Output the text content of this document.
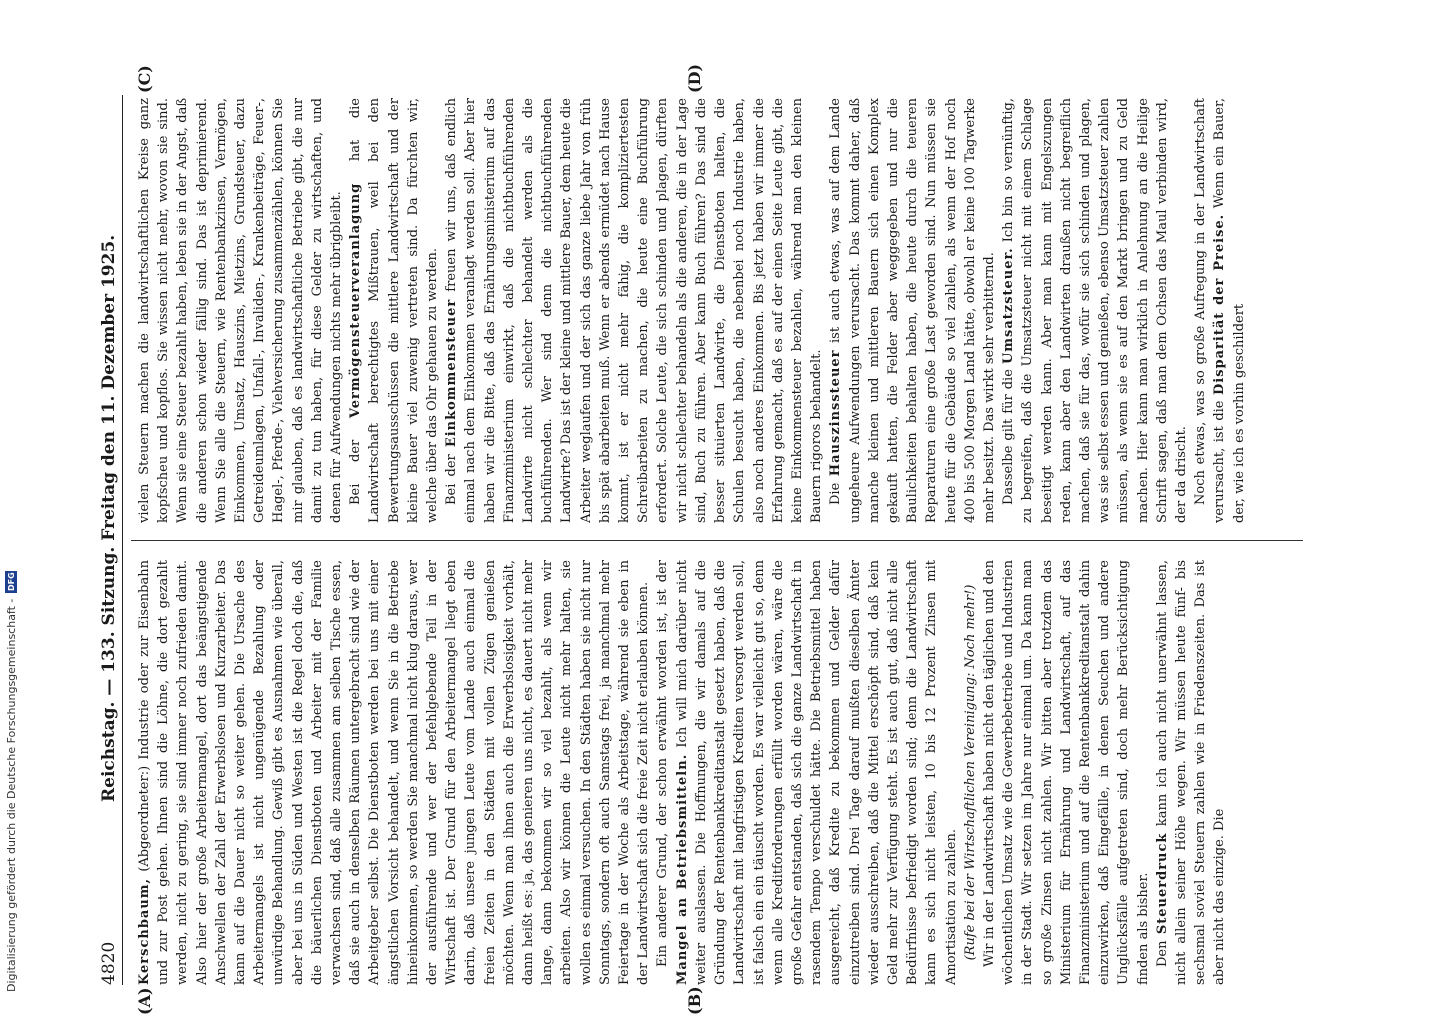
Digitalisierung gefördert durch die Deutsche Forschungsgemeinschaft -
DFG
4820
Reichstag. — 133. Sitzung. Freitag den 11. Dezember 1925.
(A)	(B)
(C)	(D)

Kerschbaum, (Abgeordneter:) Industrie oder zur Eisenbahn und zur Post gehen. Ihnen sind die Löhne, die dort gezahlt werden, nicht zu gering, sie sind immer noch zufrieden damit. Also hier der große Arbeitermangel, dort das beängstigende Anschwellen der Zahl der Erwerbslosen und Kurzarbeiter. Das kann auf die Dauer nicht so weiter gehen. Die Ursache des Arbeitermangels ist nicht ungenügende Bezahlung oder unwürdige Behandlung. Gewiß gibt es Ausnahmen wie überall, aber bei uns in Süden und Westen ist die Regel doch die, daß die bäuerlichen Dienstboten und Arbeiter mit der Familie verwachsen sind, daß alle zusammen am selben Tische essen, daß sie auch in denselben Räumen untergebracht sind wie der Arbeitgeber selbst. Die Dienstboten werden bei uns mit einer ängstlichen Vorsicht behandelt, und wenn Sie in die Betriebe hineinkommen, so werden Sie manchmal nicht klug daraus, wer der ausführende und wer der befehlgebende Teil in der Wirtschaft ist. Der Grund für den Arbeitermangel liegt eben darin, daß unsere jungen Leute vom Lande auch einmal die freien Zeiten in den Städten mit vollen Zügen genießen möchten. Wenn man ihnen auch die Erwerbslosigkeit vorhält, dann heißt es: ja, das genieren uns nicht, es dauert nicht mehr lange, dann bekommen wir so viel bezahlt, als wenn wir arbeiten. Also wir können die Leute nicht mehr halten, sie wollen es einmal versuchen. In den Städten haben sie nicht nur Sonntags, sondern oft auch Samstags frei, ja manchmal mehr Feiertage in der Woche als Arbeitstage, während sie eben in der Landwirtschaft sich die freie Zeit nicht erlauben können. Ein anderer Grund, der schon erwähnt worden ist, ist der Mangel an Betriebsmitteln. Ich will mich darüber nicht weiter auslassen. Die Hoffnungen, die wir damals auf die Gründung der Rentenbankkreditanstalt gesetzt haben, daß die Landwirtschaft mit langfristigen Krediten versorgt werden soll, ist falsch ein ein täuscht worden. Es war vielleicht gut so, denn wenn alle Kreditforderungen erfüllt worden wären, wäre die große Gefahr entstanden, daß sich die ganze Landwirtschaft in rasendem Tempo verschuldet hätte. Die Betriebsmittel haben ausgereicht, daß Kredite zu bekommen und Gelder dafür einzutreiben sind. Drei Tage darauf mußten dieselben Ämter wieder ausschreiben, daß die Mittel erschöpft sind, daß kein Geld mehr zur Verfügung steht. Es ist auch gut, daß nicht alle Bedürfnisse befriedigt worden sind; denn die Landwirtschaft kann es sich nicht leisten, 10 bis 12 Prozent Zinsen mit Amortisation zu zahlen. (Rufe bei der Wirtschaftlichen Vereinigung: Noch mehr!) Wir in der Landwirtschaft haben nicht den täglichen und den wöchentlichen Umsatz wie die Gewerbebetriebe und Industrien in der Stadt. Wir setzen im Jahre nur einmal um. Da kann man so große Zinsen nicht zahlen. Wir bitten aber trotzdem das Ministerium für Ernährung und Landwirtschaft, auf das Finanzministerium und auf die Rentenbankkreditanstalt dahin einzuwirken, daß Eingefälle, in denen Seuchen und andere Unglücksfälle aufgetreten sind, doch mehr Berücksichtigung finden als bisher. Den Steuerdruck kann ich auch nicht unerwähnt lassen, nicht allein seiner Höhe wegen. Wir müssen heute fünf- bis sechsmal soviel Steuern zahlen wie in Friedenszeiten. Das ist aber nicht das einzige. Die

vielen Steuern machen die landwirtschaftlichen Kreise ganz kopfscheu und kopflos. Sie wissen nicht mehr, wovon sie sind. Wenn sie eine Steuer bezahlt haben, leben sie in der Angst, daß die anderen schon wieder fällig sind. Das ist deprimierend. Wenn Sie alle die Steuern, wie Rentenbankzinsen, Vermögen, Einkommen, Umsatz, Hauszins, Mietzins, Grundsteuer, dazu Getreideumlagen, Unfall-, Invaliden-, Krankenbeiträge, Feuer-, Hagel-, Pferde-, Viehversicherung zusammenzählen, können Sie mir glauben, daß es landwirtschaftliche Betriebe gibt, die nur damit zu tun haben, für diese Gelder zu wirtschaften, und denen für Aufwendungen nichts mehr übrigbleibt. Bei der Vermögensteuerveranlagung hat die Landwirtschaft berechtigtes Mißtrauen, weil bei den Bewertungsausschüssen die mittlere Landwirtschaft und der kleine Bauer viel zuwenig vertreten sind. Da fürchten wir, welche über das Ohr gehauen zu werden. Bei der Einkommensteuer freuen wir uns, daß endlich einmal nach dem Einkommen veranlagt werden soll. Aber hier haben wir die Bitte, daß das Ernährungsministerium auf das Finanzministerium einwirkt, daß die nichtbuchführenden Landwirte nicht schlechter behandelt werden als die buchführenden. Wer sind denn die nichtbuchführenden Landwirte? Das ist der kleine und mittlere Bauer, dem heute die Arbeiter weglaufen und der sich das ganze liebe Jahr von früh bis spät abarbeiten muß. Wenn er abends ermüdet nach Hause kommt, ist er nicht mehr fähig, die kompliziertesten Schreibarbeiten zu machen, die heute eine Buchführung erfordert. Solche Leute, die sich schinden und plagen, dürften wir nicht schlechter behandeln als die anderen, die in der Lage sind, Buch zu führen. Aber kann Buch führen? Das sind die besser situierten Landwirte, die Dienstboten halten, die Schulen besucht haben, die nebenbei noch Industrie haben, also noch anderes Einkommen. Bis jetzt haben wir immer die Erfahrung gemacht, daß es auf der einen Seite Leute gibt, die keine Einkommensteuer bezahlen, während man den kleinen Bauern rigoros behandelt. Die Hauszinssteuer ist auch etwas, was auf dem Lande ungeheure Aufwendungen verursacht. Das kommt daher, daß manche kleinen und mittleren Bauern sich einen Komplex gekauft hatten, die Felder aber weggegeben und nur die Baulichkeiten behalten haben, die heute durch die teueren Reparaturen eine große Last geworden sind. Nun müssen sie heute für die Gebäude so viel zahlen, als wenn der Hof noch 400 bis 500 Morgen Land hätte, obwohl er keine 100 Tagwerke mehr besitzt. Das wirkt sehr verbitternd. Dasselbe gilt für die Umsatzsteuer. Ich bin so vernünftig, zu begreifen, daß die Umsatzsteuer nicht mit einem Schlage beseitigt werden kann. Aber man kann mit Engelszungen reden, kann aber den Landwirten draußen nicht begreiflich machen, daß sie für das, wofür sie sich schinden und plagen, was sie selbst essen und genießen, ebenso Umsatzsteuer zahlen müssen, als wenn sie es auf den Markt bringen und zu Geld machen. Hier kann man wirklich in Anlehnung an die Heilige Schrift sagen, daß man dem Ochsen das Maul verbinden wird, der da drischt. Noch etwas, was so große Aufregung in der Landwirtschaft verursacht, ist die Disparität der Preise. Wenn ein Bauer, der, wie ich es vorhin geschildert
